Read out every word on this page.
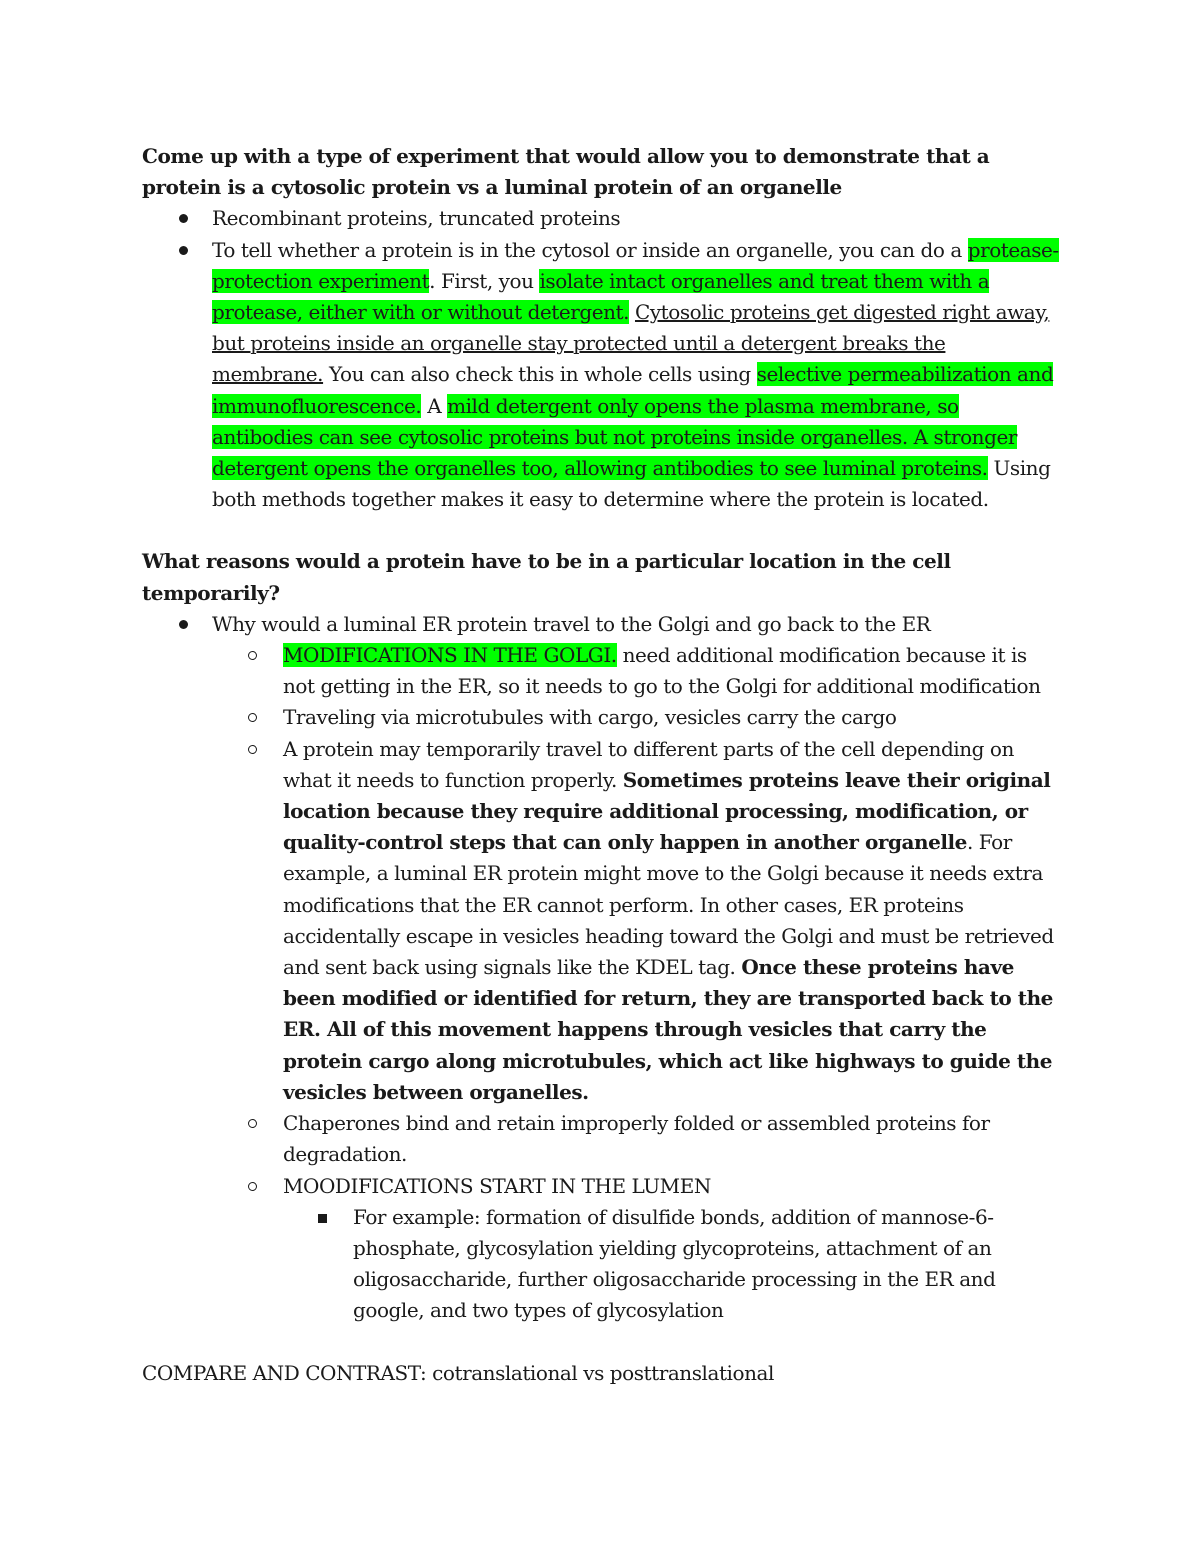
Come up with a type of experiment that would allow you to demonstrate that a protein is a cytosolic protein vs a luminal protein of an organelle

Recombinant proteins, truncated proteins
To tell whether a protein is in the cytosol or inside an organelle, you can do a protease-protection experiment. First, you isolate intact organelles and treat them with a protease, either with or without detergent. Cytosolic proteins get digested right away, but proteins inside an organelle stay protected until a detergent breaks the membrane. You can also check this in whole cells using selective permeabilization and immunofluorescence. A mild detergent only opens the plasma membrane, so antibodies can see cytosolic proteins but not proteins inside organelles. A stronger detergent opens the organelles too, allowing antibodies to see luminal proteins. Using both methods together makes it easy to determine where the protein is located.

What reasons would a protein have to be in a particular location in the cell temporarily?

Why would a luminal ER protein travel to the Golgi and go back to the ER
MODIFICATIONS IN THE GOLGI. need additional modification because it is not getting in the ER, so it needs to go to the Golgi for additional modification
Traveling via microtubules with cargo, vesicles carry the cargo
A protein may temporarily travel to different parts of the cell depending on what it needs to function properly. Sometimes proteins leave their original location because they require additional processing, modification, or quality-control steps that can only happen in another organelle. For example, a luminal ER protein might move to the Golgi because it needs extra modifications that the ER cannot perform. In other cases, ER proteins accidentally escape in vesicles heading toward the Golgi and must be retrieved and sent back using signals like the KDEL tag. Once these proteins have been modified or identified for return, they are transported back to the ER. All of this movement happens through vesicles that carry the protein cargo along microtubules, which act like highways to guide the vesicles between organelles.
Chaperones bind and retain improperly folded or assembled proteins for degradation.
MOODIFICATIONS START IN THE LUMEN
For example: formation of disulfide bonds, addition of mannose-6-phosphate, glycosylation yielding glycoproteins, attachment of an oligosaccharide, further oligosaccharide processing in the ER and google, and two types of glycosylation

COMPARE AND CONTRAST: cotranslational vs posttranslational
